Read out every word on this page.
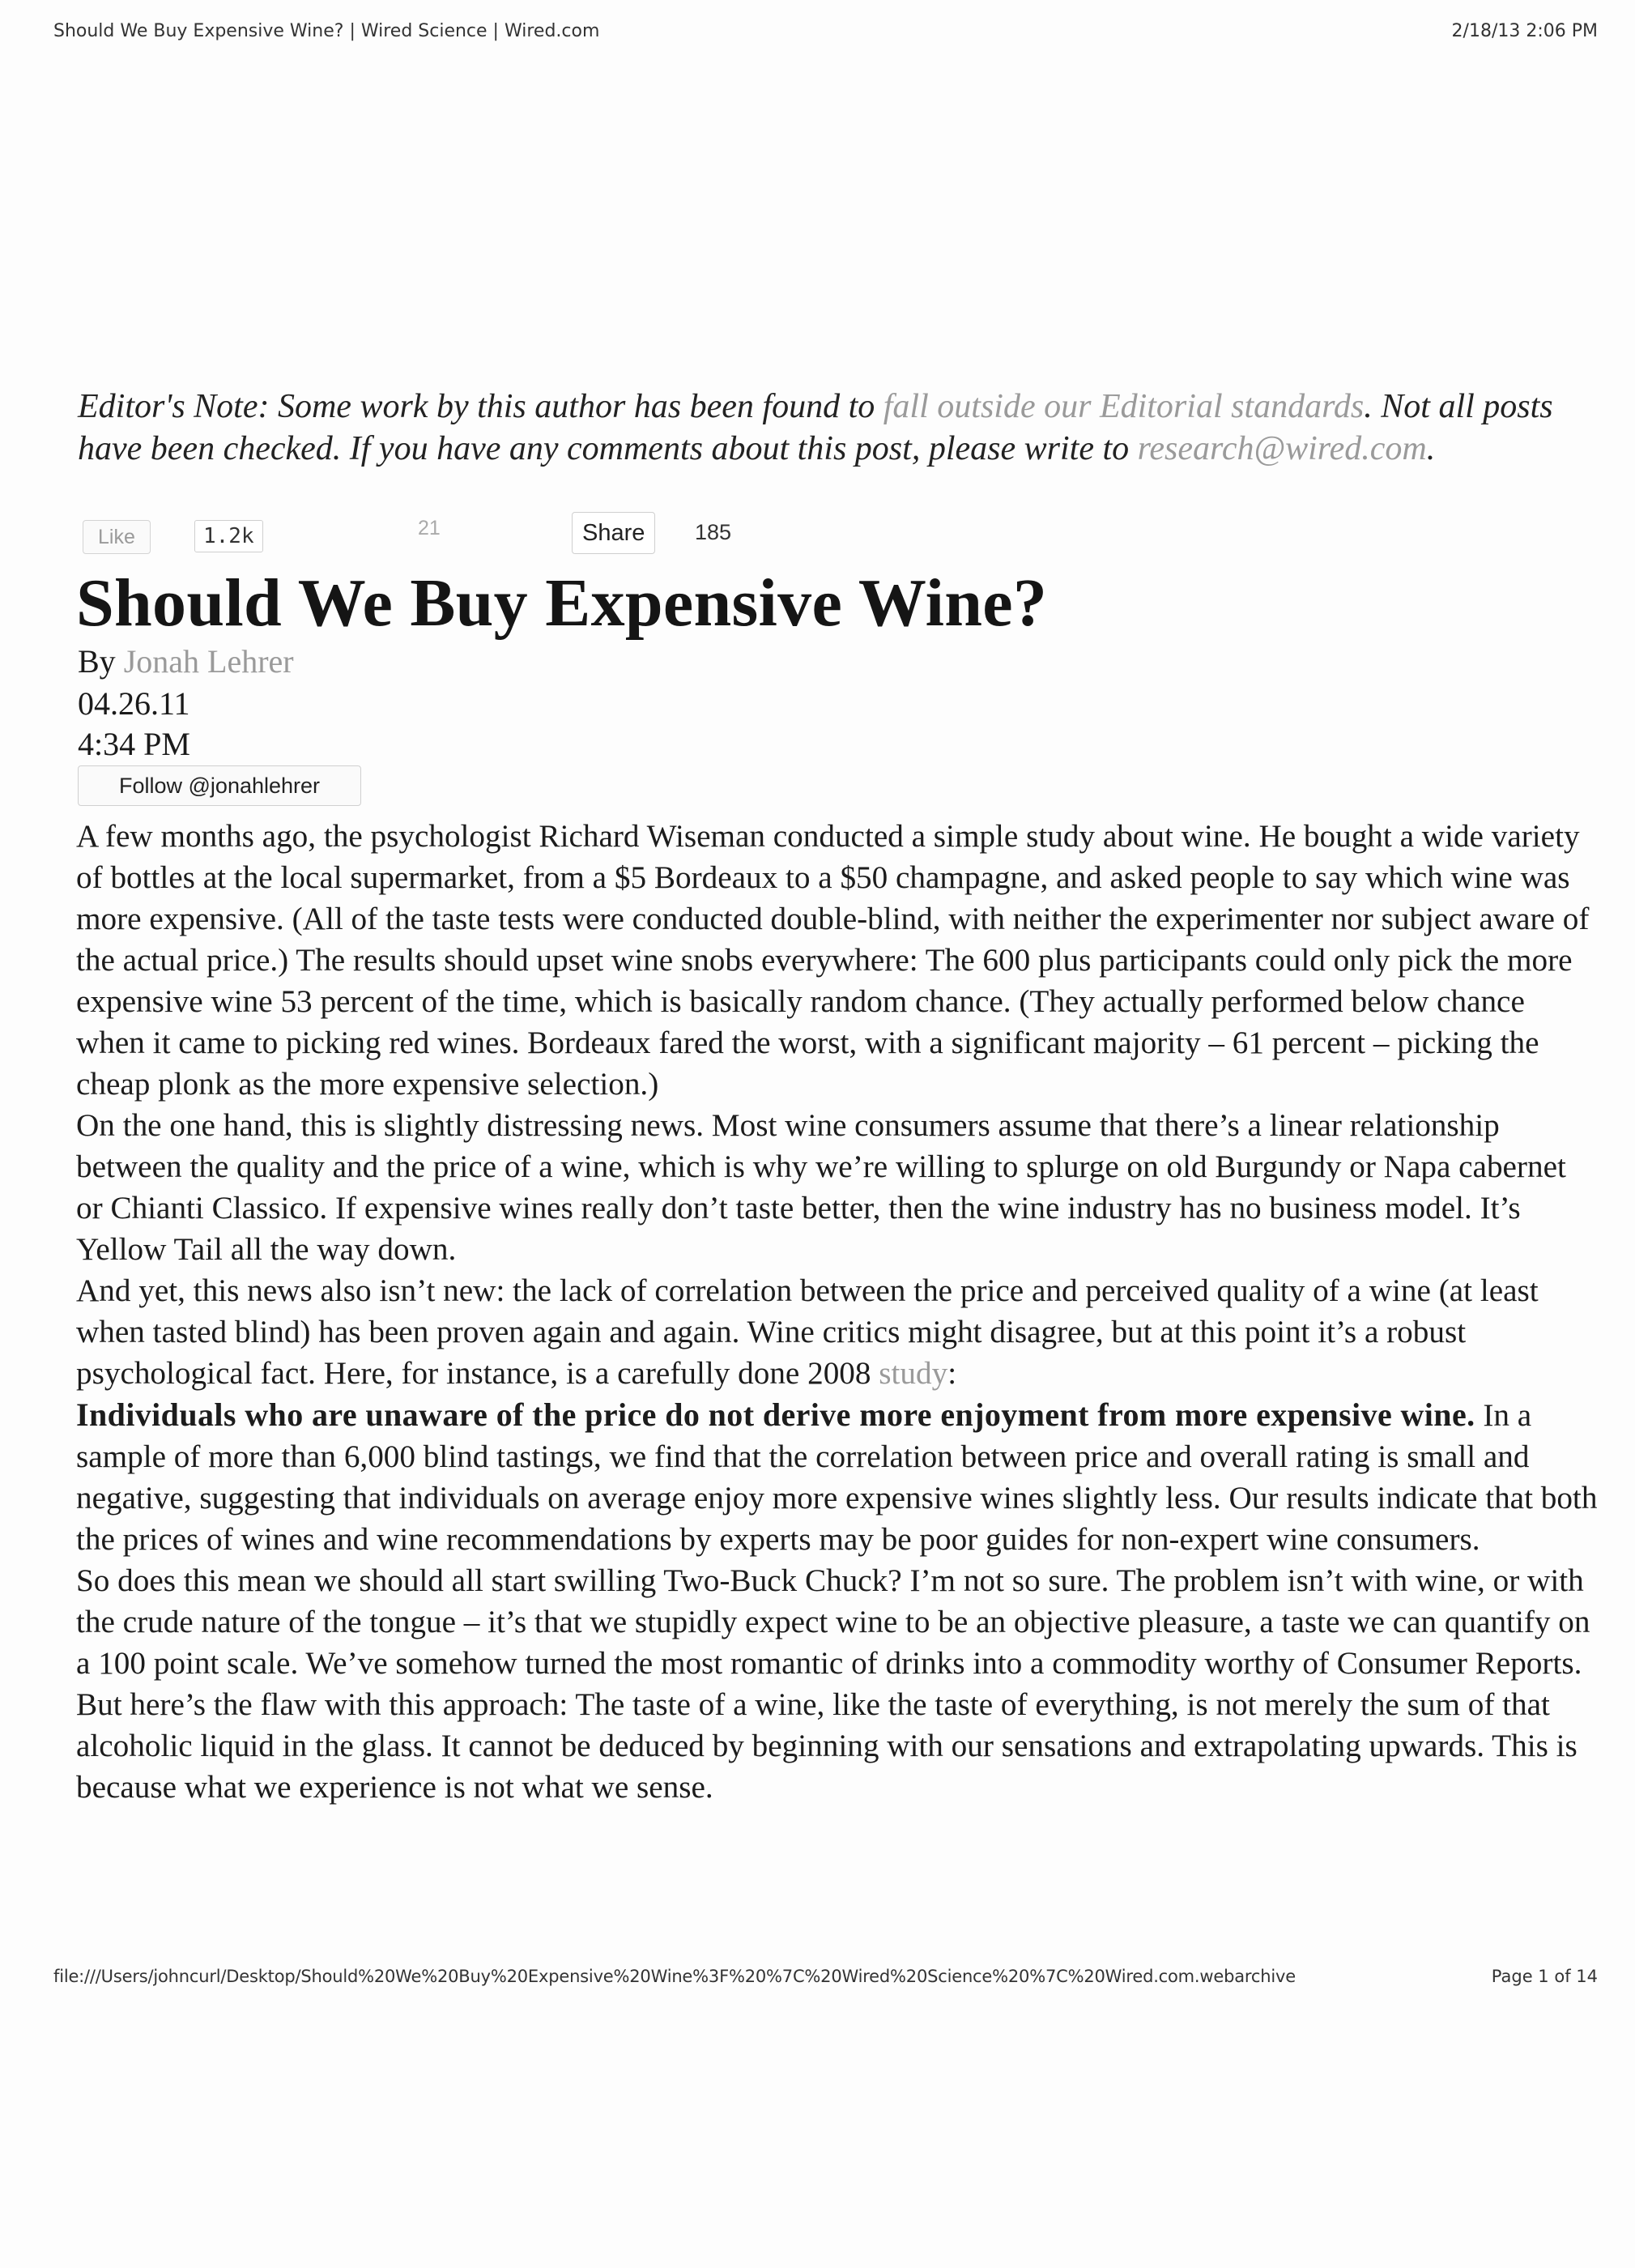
Should We Buy Expensive Wine? | Wired Science | Wired.com	2/18/13 2:06 PM
Editor's Note: Some work by this author has been found to fall outside our Editorial standards. Not all posts have been checked. If you have any comments about this post, please write to research@wired.com.
Like	1.2k	21	Share	185
Should We Buy Expensive Wine?
By Jonah Lehrer
04.26.11
4:34 PM
Follow @jonahlehrer

A few months ago, the psychologist Richard Wiseman conducted a simple study about wine. He bought a wide variety of bottles at the local supermarket, from a $5 Bordeaux to a $50 champagne, and asked people to say which wine was more expensive. (All of the taste tests were conducted double-blind, with neither the experimenter nor subject aware of the actual price.) The results should upset wine snobs everywhere: The 600 plus participants could only pick the more expensive wine 53 percent of the time, which is basically random chance. (They actually performed below chance when it came to picking red wines. Bordeaux fared the worst, with a significant majority – 61 percent – picking the cheap plonk as the more expensive selection.)

On the one hand, this is slightly distressing news. Most wine consumers assume that there’s a linear relationship between the quality and the price of a wine, which is why we’re willing to splurge on old Burgundy or Napa cabernet or Chianti Classico. If expensive wines really don’t taste better, then the wine industry has no business model. It’s Yellow Tail all the way down.

And yet, this news also isn’t new: the lack of correlation between the price and perceived quality of a wine (at least when tasted blind) has been proven again and again. Wine critics might disagree, but at this point it’s a robust psychological fact. Here, for instance, is a carefully done 2008 study:

Individuals who are unaware of the price do not derive more enjoyment from more expensive wine. In a sample of more than 6,000 blind tastings, we find that the correlation between price and overall rating is small and negative, suggesting that individuals on average enjoy more expensive wines slightly less. Our results indicate that both the prices of wines and wine recommendations by experts may be poor guides for non-expert wine consumers.

So does this mean we should all start swilling Two-Buck Chuck? I’m not so sure. The problem isn’t with wine, or with the crude nature of the tongue – it’s that we stupidly expect wine to be an objective pleasure, a taste we can quantify on a 100 point scale. We’ve somehow turned the most romantic of drinks into a commodity worthy of Consumer Reports.

But here’s the flaw with this approach: The taste of a wine, like the taste of everything, is not merely the sum of that alcoholic liquid in the glass. It cannot be deduced by beginning with our sensations and extrapolating upwards. This is because what we experience is not what we sense.

file:///Users/johncurl/Desktop/Should%20We%20Buy%20Expensive%20Wine%3F%20%7C%20Wired%20Science%20%7C%20Wired.com.webarchive	Page 1 of 14
